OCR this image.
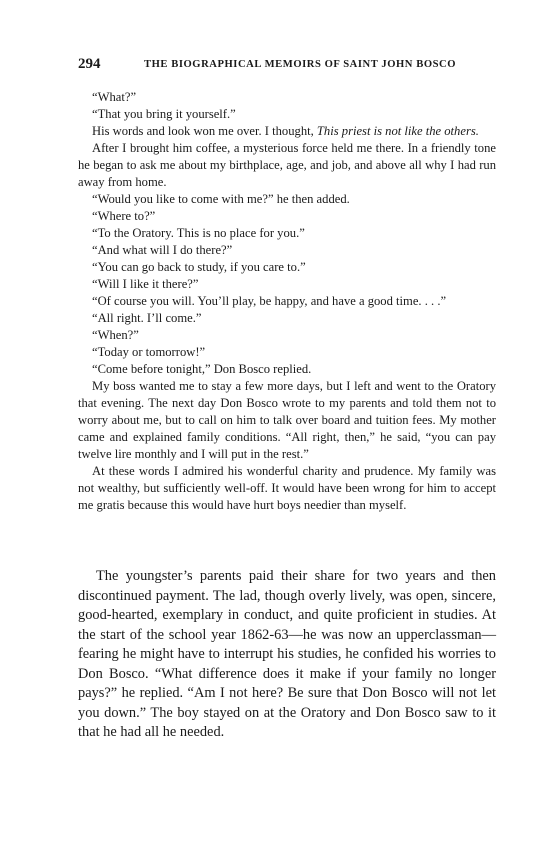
294	THE BIOGRAPHICAL MEMOIRS OF SAINT JOHN BOSCO

“What?”

“That you bring it yourself.”

His words and look won me over. I thought, This priest is not like the others.

After I brought him coffee, a mysterious force held me there. In a friendly tone he began to ask me about my birthplace, age, and job, and above all why I had run away from home.

“Would you like to come with me?” he then added.

“Where to?”

“To the Oratory. This is no place for you.”

“And what will I do there?”

“You can go back to study, if you care to.”

“Will I like it there?”

“Of course you will. You’ll play, be happy, and have a good time. . . .”

“All right. I’ll come.”

“When?”

“Today or tomorrow!”

“Come before tonight,” Don Bosco replied.

My boss wanted me to stay a few more days, but I left and went to the Oratory that evening. The next day Don Bosco wrote to my parents and told them not to worry about me, but to call on him to talk over board and tuition fees. My mother came and explained family conditions. “All right, then,” he said, “you can pay twelve lire monthly and I will put in the rest.”

At these words I admired his wonderful charity and prudence. My family was not wealthy, but sufficiently well-off. It would have been wrong for him to accept me gratis because this would have hurt boys needier than myself.

The youngster’s parents paid their share for two years and then discontinued payment. The lad, though overly lively, was open, sincere, good-hearted, exemplary in conduct, and quite proficient in studies. At the start of the school year 1862-63—he was now an upperclassman—fearing he might have to interrupt his studies, he confided his worries to Don Bosco. “What difference does it make if your family no longer pays?” he replied. “Am I not here? Be sure that Don Bosco will not let you down.” The boy stayed on at the Oratory and Don Bosco saw to it that he had all he needed.
